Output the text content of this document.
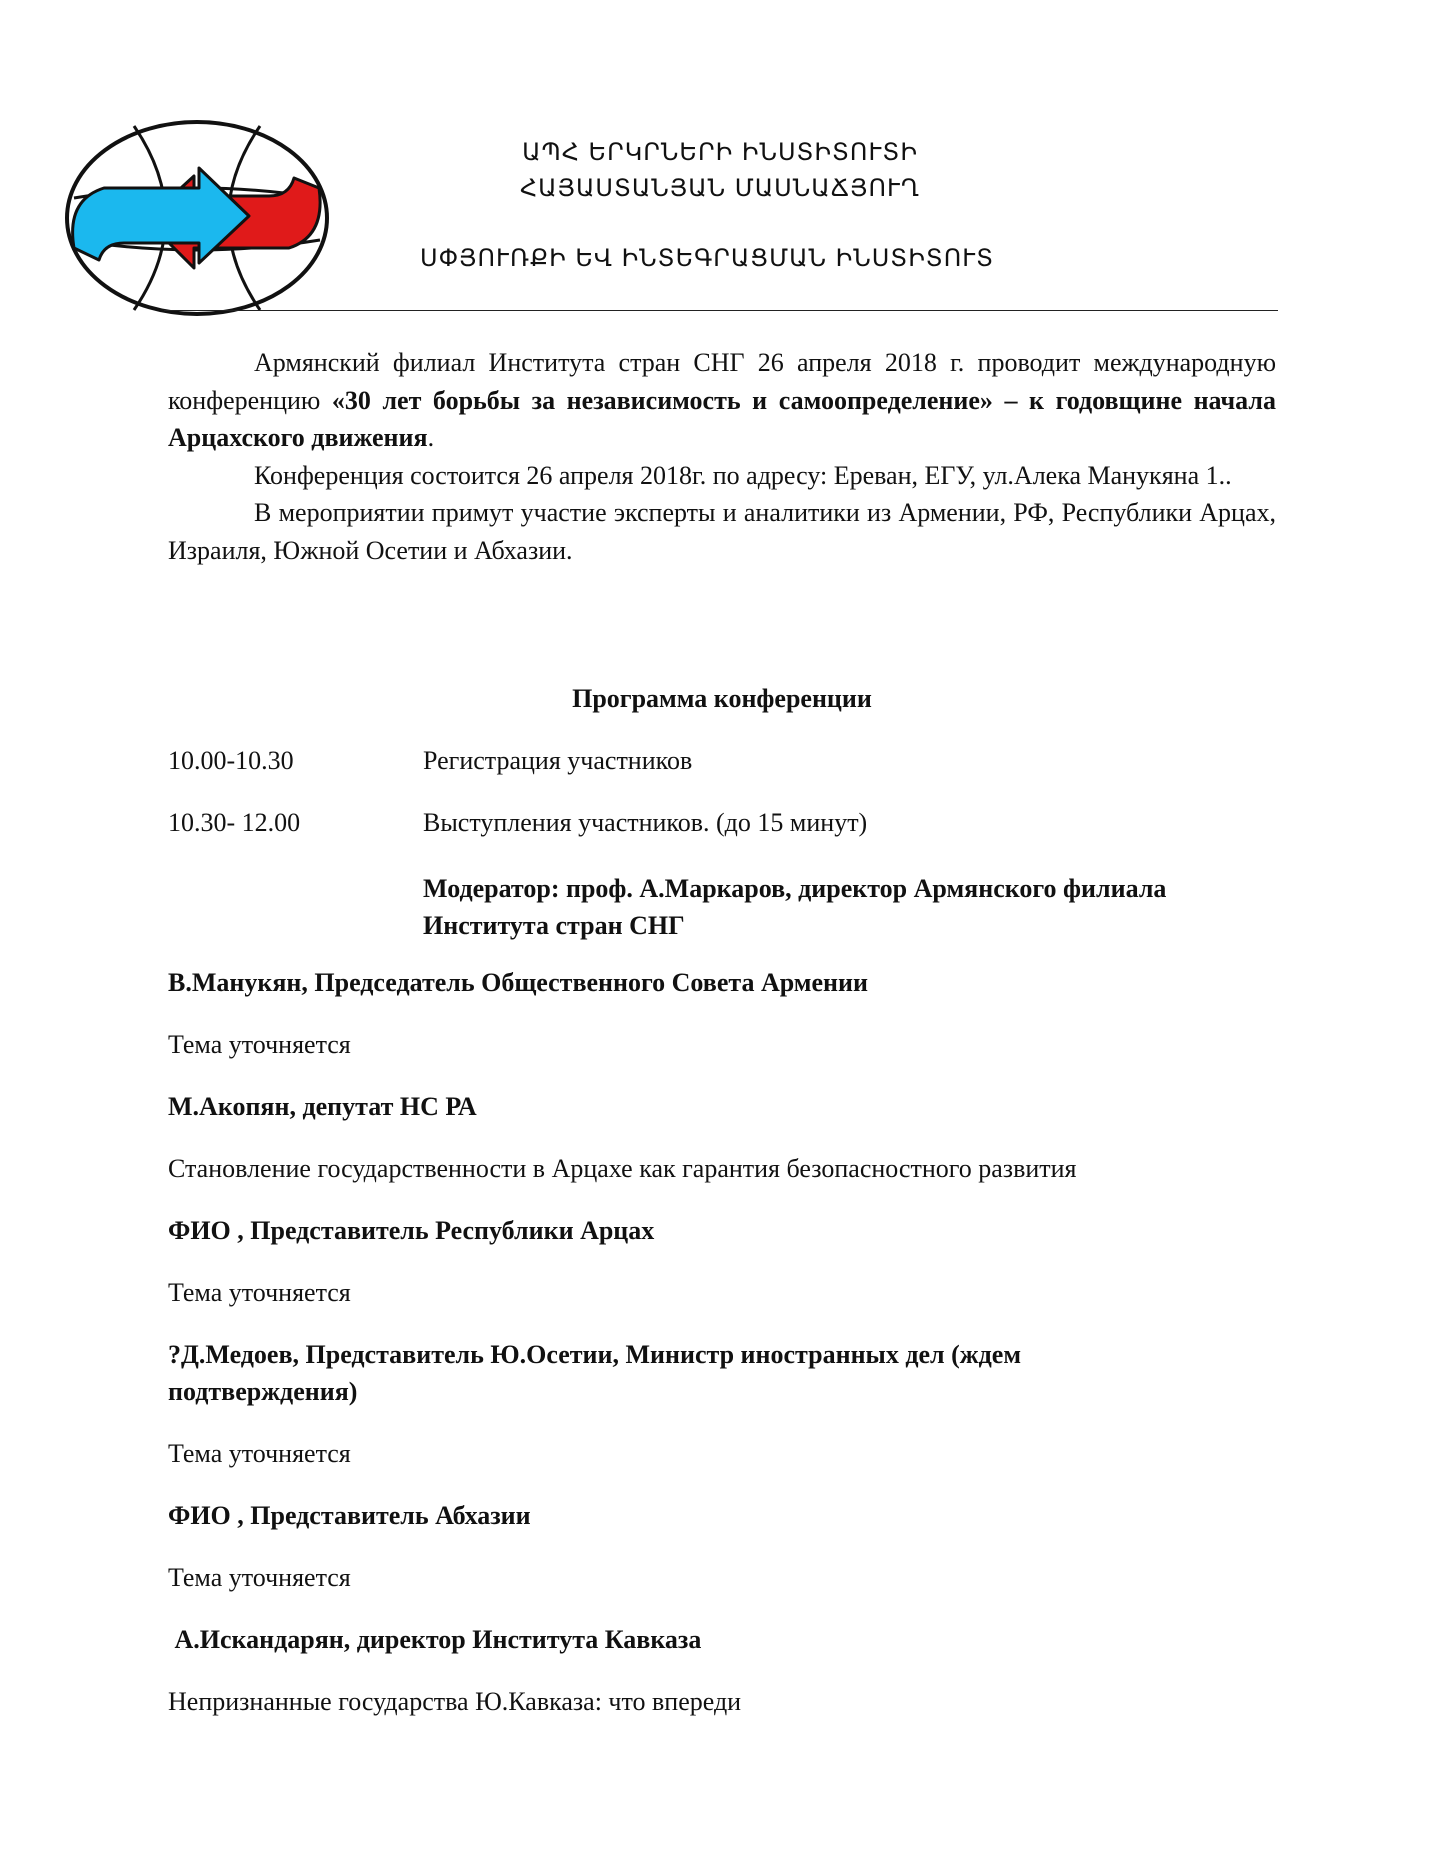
ԱՊՀ ԵՐԿՐՆԵՐԻ ԻՆՍՏԻՏՈՒՏԻ
ՀԱՅԱՍՏԱՆՅԱՆ ՄԱՍՆԱՃՅՈՒՂ
ՍՓՅՈՒՌՔԻ ԵՎ ԻՆՏԵԳՐԱՑՄԱՆ ԻՆՍՏԻՏՈՒՏ

Армянский филиал Института стран СНГ 26 апреля 2018 г. проводит международную конференцию «30 лет борьбы за независимость и самоопределение» – к годовщине начала Арцахского движения.

Конференция состоится 26 апреля 2018г. по адресу: Ереван, ЕГУ, ул.Алека Манукяна 1..

В мероприятии примут участие эксперты и аналитики из Армении, РФ, Республики Арцах, Израиля, Южной Осетии и Абхазии.

Программа конференции
10.00-10.30	Регистрация участников
10.30- 12.00	Выступления участников. (до 15 минут)
Модератор: проф. А.Маркаров, директор Армянского филиала Института стран СНГ
В.Манукян, Председатель Общественного Совета Армении
Тема уточняется
М.Акопян, депутат НС РА
Становление государственности в Арцахе как гарантия безопасностного развития
ФИО , Представитель Республики Арцах
Тема уточняется
?Д.Медоев, Представитель Ю.Осетии, Министр иностранных дел (ждем подтверждения)
Тема уточняется
ФИО , Представитель Абхазии
Тема уточняется
А.Искандарян, директор Института Кавказа
Непризнанные государства Ю.Кавказа: что впереди
